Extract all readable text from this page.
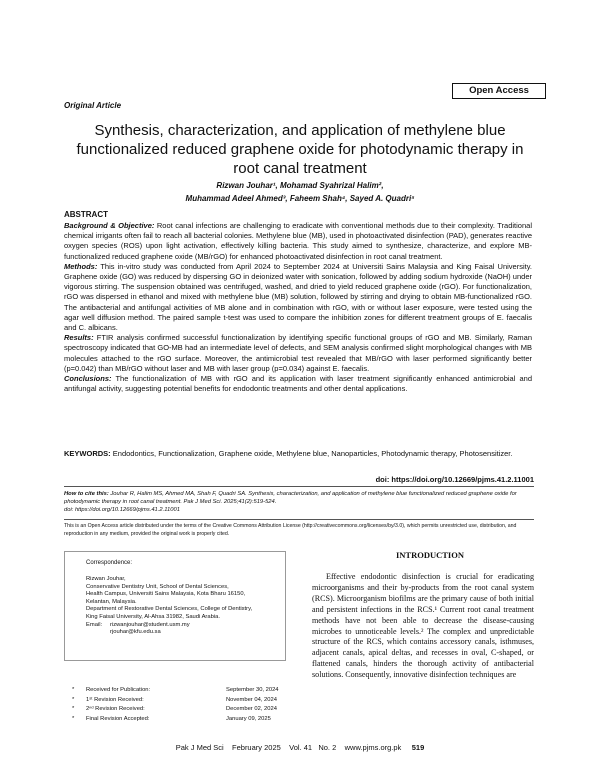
Open Access
Original Article
Synthesis, characterization, and application of methylene blue functionalized reduced graphene oxide for photodynamic therapy in root canal treatment
Rizwan Jouhar¹, Mohamad Syahrizal Halim²,
Muhammad Adeel Ahmed³, Faheem Shah⁴, Sayed A. Quadri⁵
ABSTRACT

Background & Objective: Root canal infections are challenging to eradicate with conventional methods due to their complexity. Traditional chemical irrigants often fail to reach all bacterial colonies. Methylene blue (MB), used in photoactivated disinfection (PAD), generates reactive oxygen species (ROS) upon light activation, effectively killing bacteria. This study aimed to synthesize, characterize, and explore MB-functionalized reduced graphene oxide (MB/rGO) for enhanced photoactivated disinfection in root canal treatment.

Methods: This in-vitro study was conducted from April 2024 to September 2024 at Universiti Sains Malaysia and King Faisal University. Graphene oxide (GO) was reduced by dispersing GO in deionized water with sonication, followed by adding sodium hydroxide (NaOH) under vigorous stirring. The suspension obtained was centrifuged, washed, and dried to yield reduced graphene oxide (rGO). For functionalization, rGO was dispersed in ethanol and mixed with methylene blue (MB) solution, followed by stirring and drying to obtain MB-functionalized rGO. The antibacterial and antifungal activities of MB alone and in combination with rGO, with or without laser exposure, were tested using the agar well diffusion method. The paired sample t-test was used to compare the inhibition zones for different treatment groups of E. faecalis and C. albicans.

Results: FTIR analysis confirmed successful functionalization by identifying specific functional groups of rGO and MB. Similarly, Raman spectroscopy indicated that GO-MB had an intermediate level of defects, and SEM analysis confirmed slight morphological changes with MB molecules attached to the rGO surface. Moreover, the antimicrobial test revealed that MB/rGO with laser performed significantly better (p=0.042) than MB/rGO without laser and MB with laser group (p=0.034) against E. faecalis.

Conclusions: The functionalization of MB with rGO and its application with laser treatment significantly enhanced antimicrobial and antifungal activity, suggesting potential benefits for endodontic treatments and other dental applications.

KEYWORDS: Endodontics, Functionalization, Graphene oxide, Methylene blue, Nanoparticles, Photodynamic therapy, Photosensitizer.
doi: https://doi.org/10.12669/pjms.41.2.11001
How to cite this: Jouhar R, Halim MS, Ahmed MA, Shah F, Quadri SA. Synthesis, characterization, and application of methylene blue functionalized reduced graphene oxide for photodynamic therapy in root canal treatment. Pak J Med Sci. 2025;41(2):519-524.
doi: https://doi.org/10.12669/pjms.41.2.11001
This is an Open Access article distributed under the terms of the Creative Commons Attribution License (http://creativecommons.org/licenses/by/3.0), which permits unrestricted use, distribution, and reproduction in any medium, provided the original work is properly cited.
Correspondence:

Rizwan Jouhar,

Conservative Dentistry Unit, School of Dental Sciences,

Health Campus, Universiti Sains Malaysia, Kota Bharu 16150,

Kelantan, Malaysia.

Department of Restorative Dental Sciences, College of Dentistry,

King Faisal University, Al-Ahsa 31982, Saudi Arabia.

Email:	rizwanjouhar@student.usm.my
rjouhar@kfu.edu.sa
*	Received for Publication:	September 30, 2024
*	1ˢᵗ Revision Received:	November 04, 2024
*	2ⁿᵈ Revision Received:	December 02, 2024
*	Final Revision Accepted:	January 09, 2025
INTRODUCTION
Effective endodontic disinfection is crucial for eradicating microorganisms and their by-products from the root canal system (RCS). Microorganism biofilms are the primary cause of both initial and persistent infections in the RCS.¹ Current root canal treatment methods have not been able to decrease the disease-causing microbes to unnoticeable levels.² The complex and unpredictable structure of the RCS, which contains accessory canals, isthmuses, adjacent canals, apical deltas, and recesses in oval, C-shaped, or flattened canals, hinders the thorough activity of antibacterial solutions. Consequently, innovative disinfection techniques are
Pak J Med Sci February 2025 Vol. 41 No. 2 www.pjms.org.pk 519
